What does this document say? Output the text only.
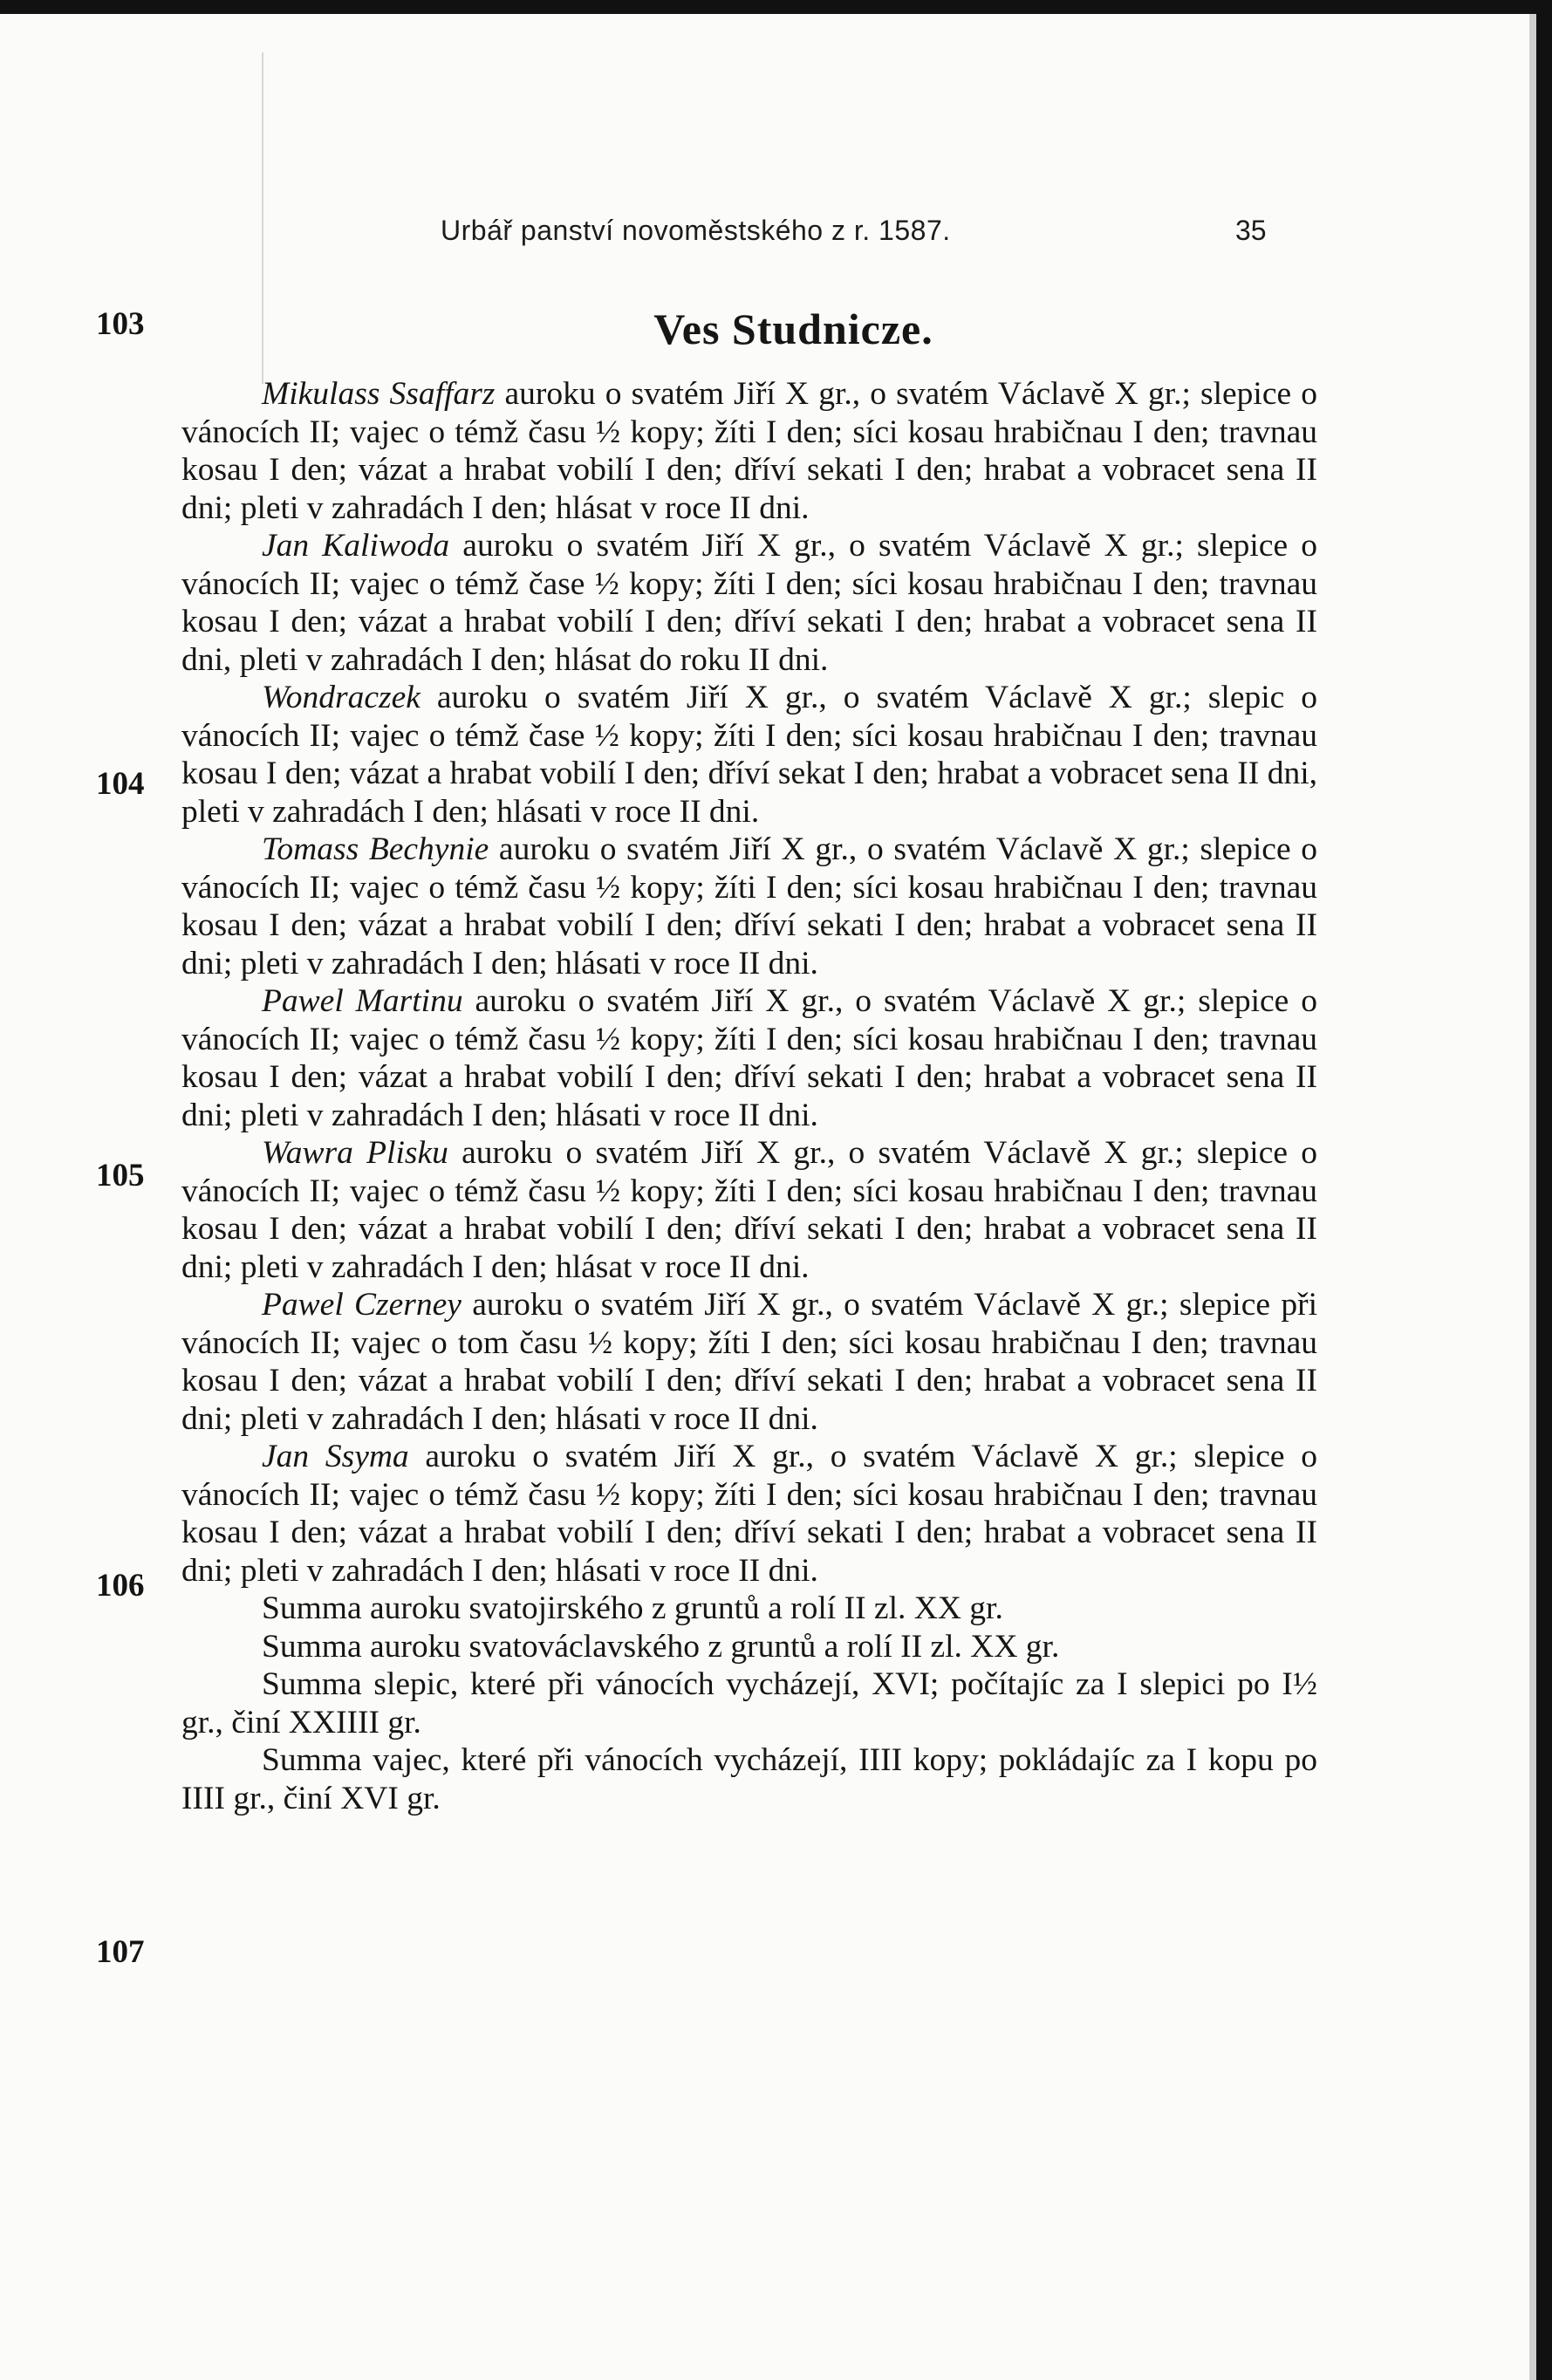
Urbář panství novoměstského z r. 1587.	35
Ves Studnicze.
103
104
105
106
107

Mikulass Ssaffarz auroku o svatém Jiří X gr., o svatém Václavě X gr.; slepice o vánocích II; vajec o témž času ½ kopy; žíti I den; síci kosau hrabičnau I den; travnau kosau I den; vázat a hrabat vobilí I den; dříví sekati I den; hrabat a vobracet sena II dni; pleti v zahradách I den; hlásat v roce II dni.

Jan Kaliwoda auroku o svatém Jiří X gr., o svatém Václavě X gr.; slepice o vánocích II; vajec o témž čase ½ kopy; žíti I den; síci kosau hrabičnau I den; travnau kosau I den; vázat a hrabat vobilí I den; dříví sekati I den; hrabat a vobracet sena II dni, pleti v zahradách I den; hlásat do roku II dni.

Wondraczek auroku o svatém Jiří X gr., o svatém Václavě X gr.; slepic o vánocích II; vajec o témž čase ½ kopy; žíti I den; síci kosau hrabičnau I den; travnau kosau I den; vázat a hrabat vobilí I den; dříví sekat I den; hrabat a vobracet sena II dni, pleti v zahradách I den; hlásati v roce II dni.

Tomass Bechynie auroku o svatém Jiří X gr., o svatém Václavě X gr.; slepice o vánocích II; vajec o témž času ½ kopy; žíti I den; síci kosau hrabičnau I den; travnau kosau I den; vázat a hrabat vobilí I den; dříví sekati I den; hrabat a vobracet sena II dni; pleti v zahradách I den; hlásati v roce II dni.

Pawel Martinu auroku o svatém Jiří X gr., o svatém Václavě X gr.; slepice o vánocích II; vajec o témž času ½ kopy; žíti I den; síci kosau hrabičnau I den; travnau kosau I den; vázat a hrabat vobilí I den; dříví sekati I den; hrabat a vobracet sena II dni; pleti v zahradách I den; hlásati v roce II dni.

Wawra Plisku auroku o svatém Jiří X gr., o svatém Václavě X gr.; slepice o vánocích II; vajec o témž času ½ kopy; žíti I den; síci kosau hrabičnau I den; travnau kosau I den; vázat a hrabat vobilí I den; dříví sekati I den; hrabat a vobracet sena II dni; pleti v zahradách I den; hlásat v roce II dni.

Pawel Czerney auroku o svatém Jiří X gr., o svatém Václavě X gr.; slepice při vánocích II; vajec o tom času ½ kopy; žíti I den; síci kosau hrabičnau I den; travnau kosau I den; vázat a hrabat vobilí I den; dříví sekati I den; hrabat a vobracet sena II dni; pleti v zahradách I den; hlásati v roce II dni.

Jan Ssyma auroku o svatém Jiří X gr., o svatém Václavě X gr.; slepice o vánocích II; vajec o témž času ½ kopy; žíti I den; síci kosau hrabičnau I den; travnau kosau I den; vázat a hrabat vobilí I den; dříví sekati I den; hrabat a vobracet sena II dni; pleti v zahradách I den; hlásati v roce II dni.

Summa auroku svatojirského z gruntů a rolí II zl. XX gr.

Summa auroku svatováclavského z gruntů a rolí II zl. XX gr.

Summa slepic, které při vánocích vycházejí, XVI; počítajíc za I slepici po I½ gr., činí XXIIII gr.

Summa vajec, které při vánocích vycházejí, IIII kopy; pokládajíc za I kopu po IIII gr., činí XVI gr.
